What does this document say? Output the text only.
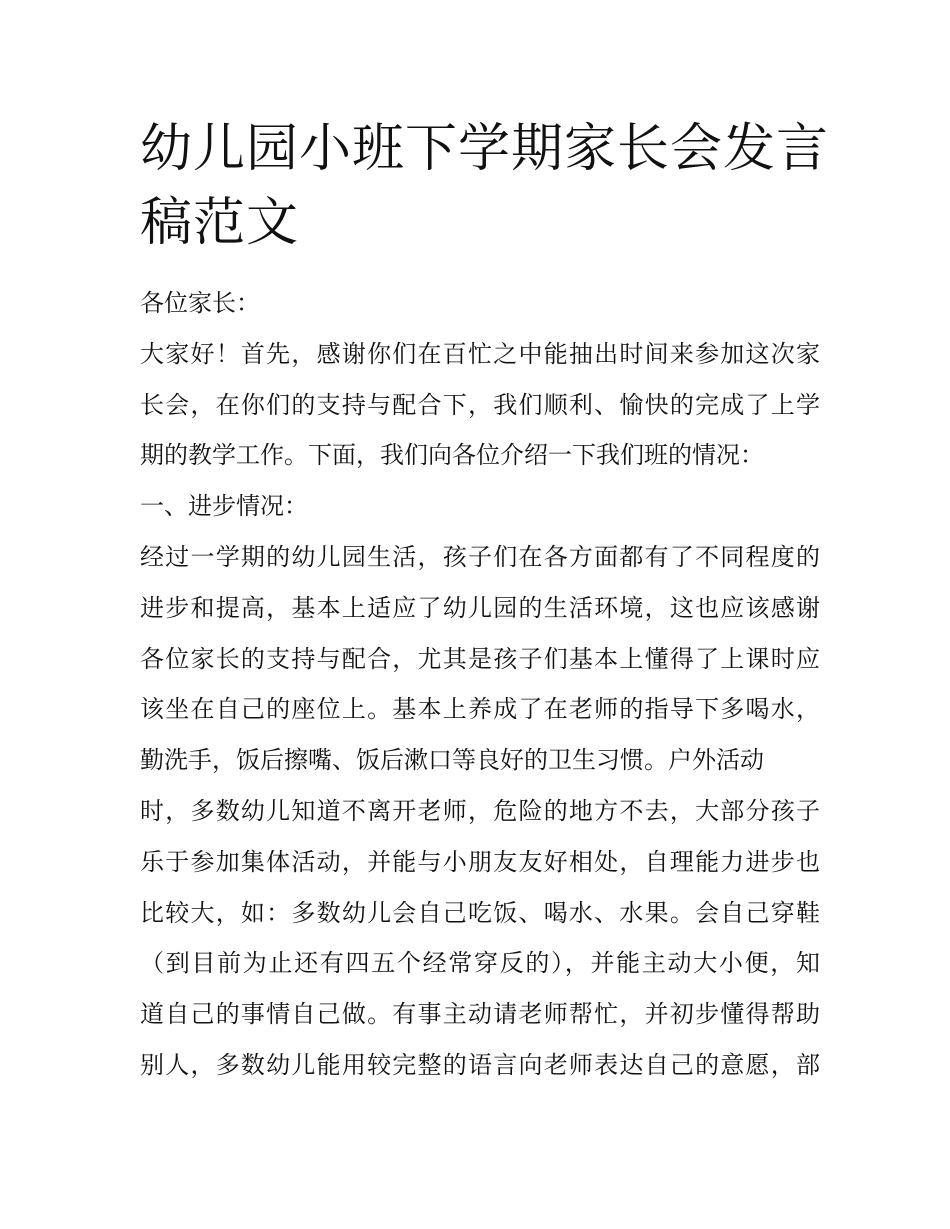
幼儿园小班下学期家长会发言
稿范文
各位家长：
大家好！首先，感谢你们在百忙之中能抽出时间来参加这次家
长会，在你们的支持与配合下，我们顺利、愉快的完成了上学
期的教学工作。下面，我们向各位介绍一下我们班的情况：
一、进步情况：
经过一学期的幼儿园生活，孩子们在各方面都有了不同程度的
进步和提高，基本上适应了幼儿园的生活环境，这也应该感谢
各位家长的支持与配合，尤其是孩子们基本上懂得了上课时应
该坐在自己的座位上。基本上养成了在老师的指导下多喝水，
勤洗手，饭后擦嘴、饭后漱口等良好的卫生习惯。户外活动
时，多数幼儿知道不离开老师，危险的地方不去，大部分孩子
乐于参加集体活动，并能与小朋友友好相处，自理能力进步也
比较大，如：多数幼儿会自己吃饭、喝水、水果。会自己穿鞋
（到目前为止还有四五个经常穿反的），并能主动大小便，知
道自己的事情自己做。有事主动请老师帮忙，并初步懂得帮助
别人，多数幼儿能用较完整的语言向老师表达自己的意愿，部
